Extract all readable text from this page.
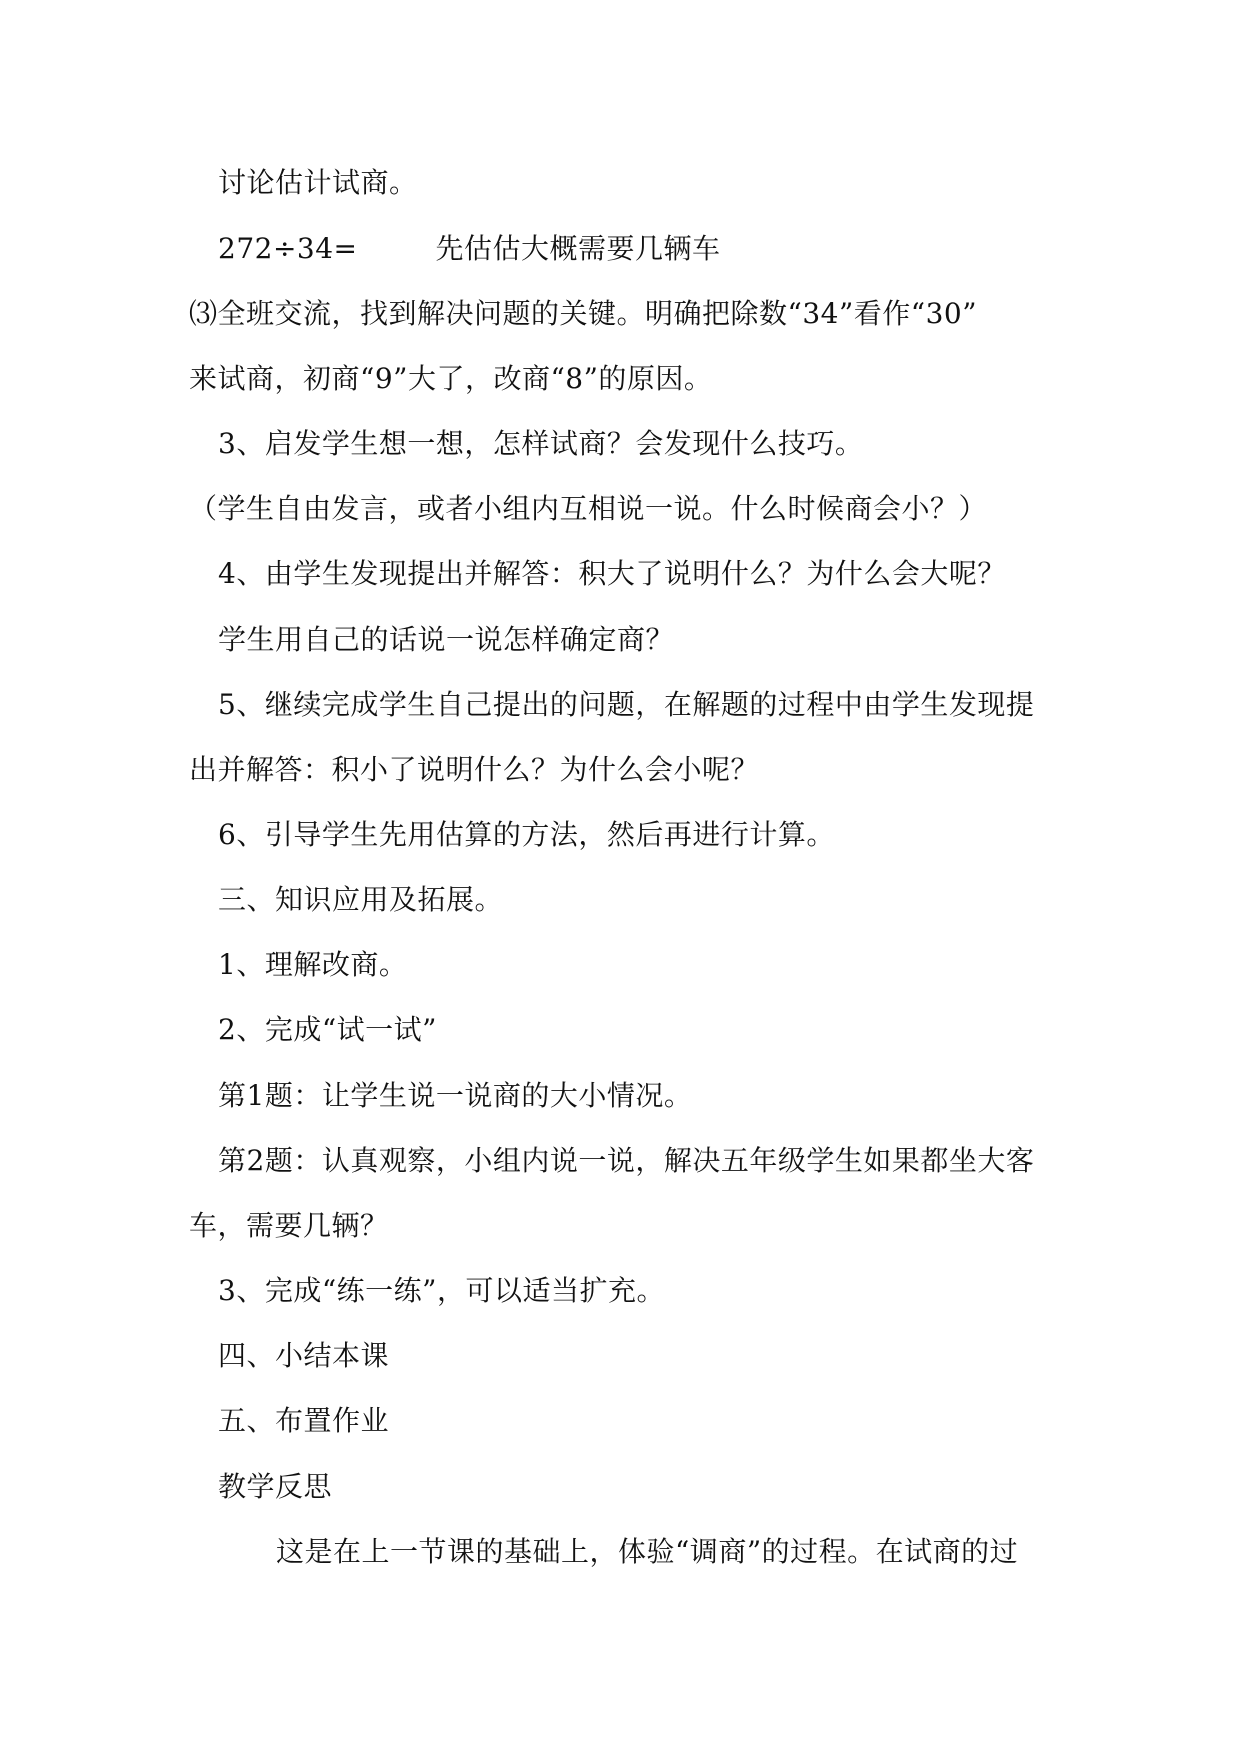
讨论估计试商。
272÷34=	先估估大概需要几辆车
⑶全班交流，找到解决问题的关键。明确把除数“34”看作“30”
来试商，初商“9”大了，改商“8”的原因。
3、启发学生想一想，怎样试商？会发现什么技巧。
（学生自由发言，或者小组内互相说一说。什么时候商会小？）
4、由学生发现提出并解答：积大了说明什么？为什么会大呢？
学生用自己的话说一说怎样确定商？
5、继续完成学生自己提出的问题，在解题的过程中由学生发现提
出并解答：积小了说明什么？为什么会小呢？
6、引导学生先用估算的方法，然后再进行计算。
三、知识应用及拓展。
1、理解改商。
2、完成“试一试”
第1题：让学生说一说商的大小情况。
第2题：认真观察，小组内说一说，解决五年级学生如果都坐大客
车，需要几辆？
3、完成“练一练”，可以适当扩充。
四、小结本课
五、布置作业
教学反思
这是在上一节课的基础上，体验“调商”的过程。在试商的过
